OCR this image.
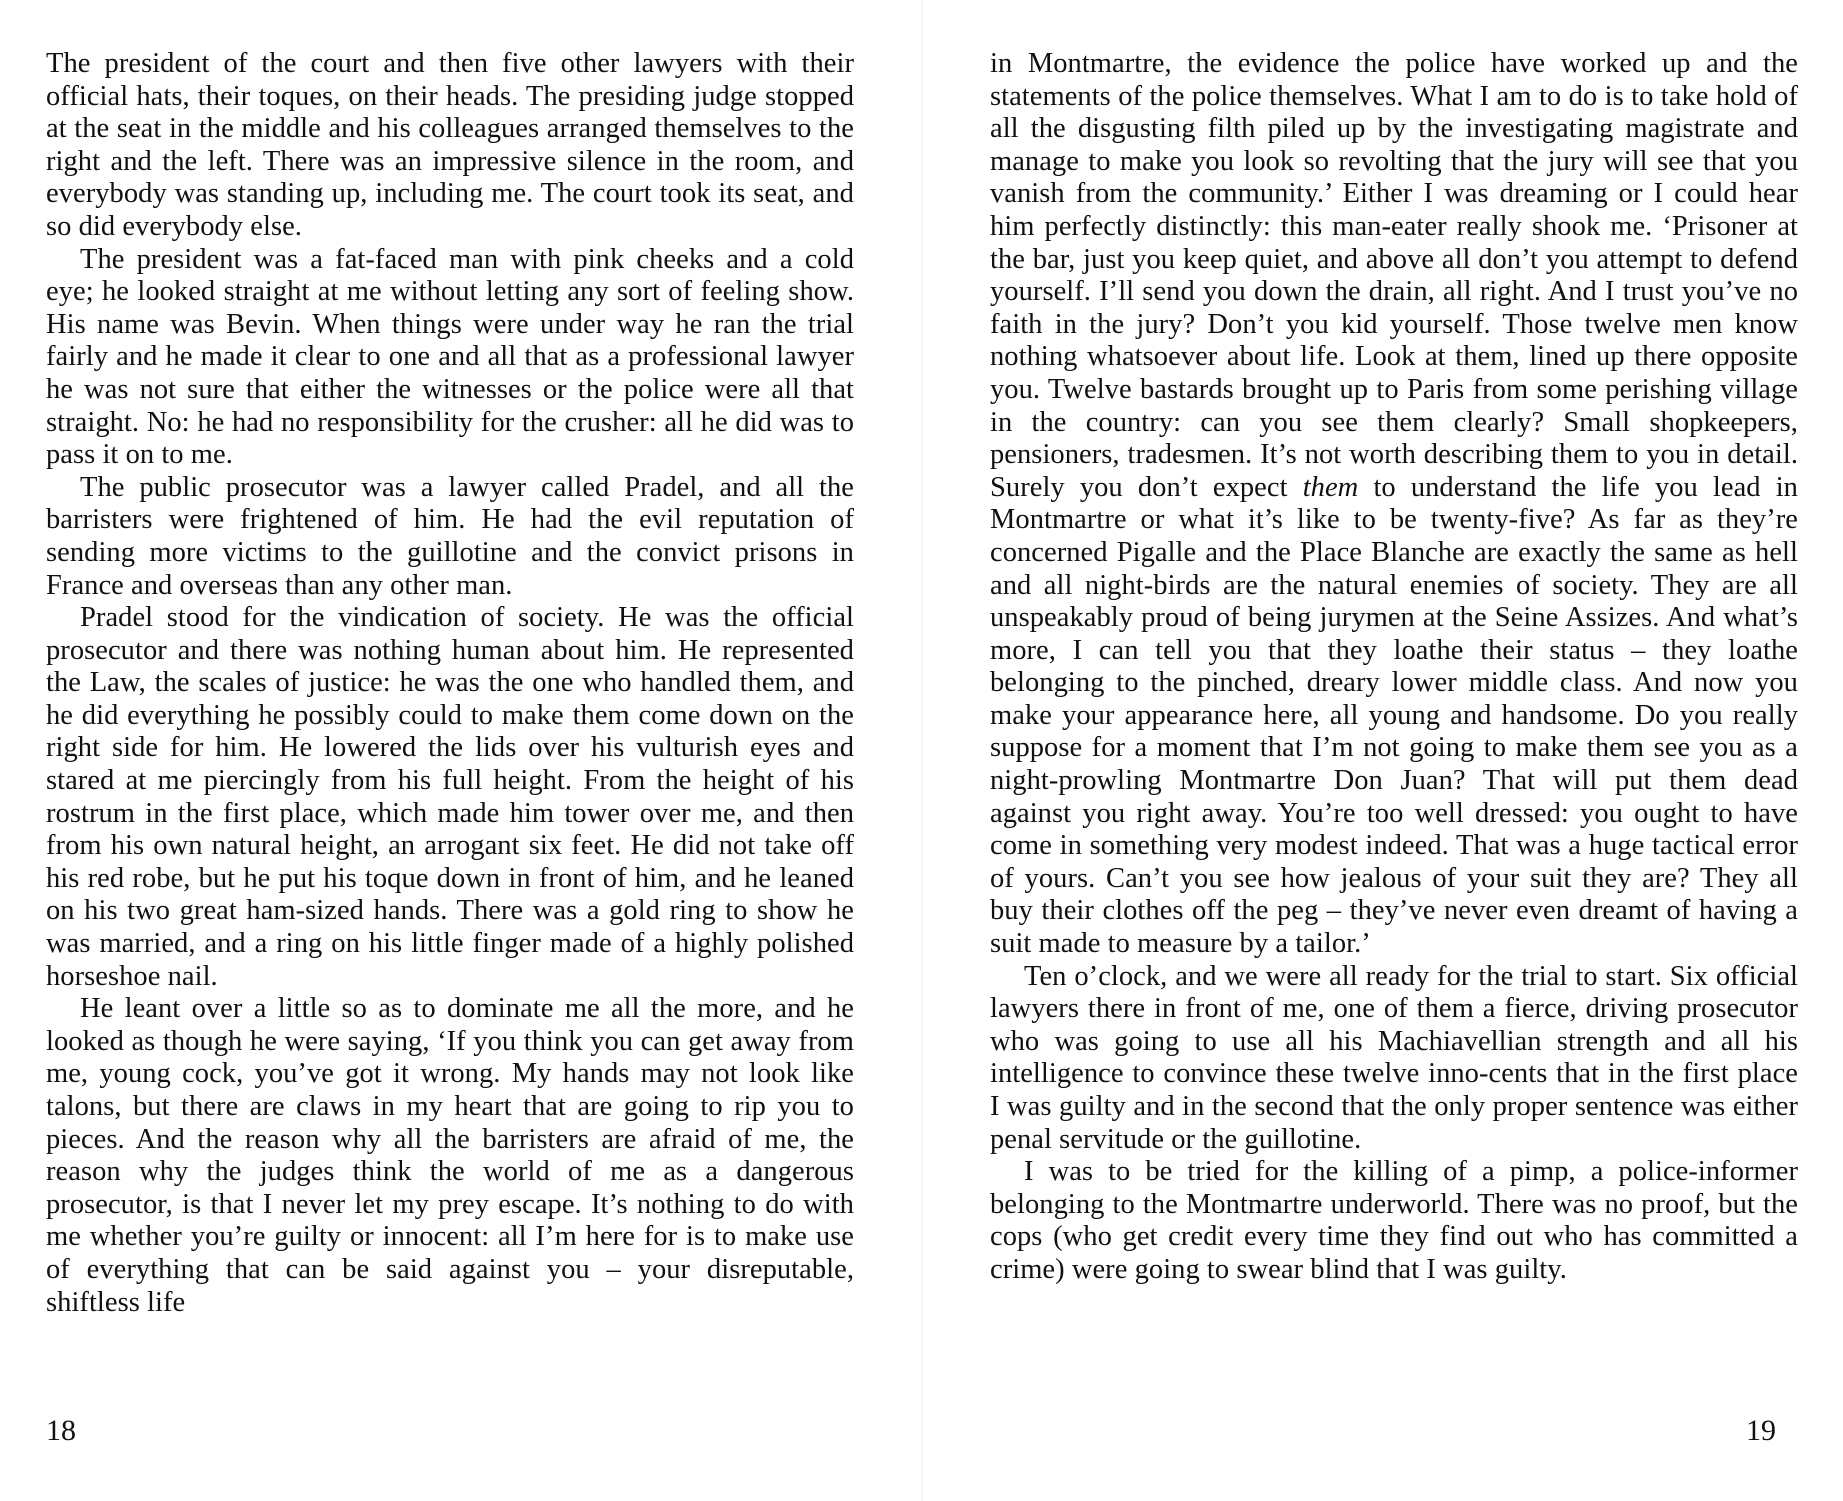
The president of the court and then five other lawyers with their official hats, their toques, on their heads. The presiding judge stopped at the seat in the middle and his colleagues arranged themselves to the right and the left. There was an impressive silence in the room, and everybody was standing up, including me. The court took its seat, and so did everybody else.

The president was a fat-faced man with pink cheeks and a cold eye; he looked straight at me without letting any sort of feeling show. His name was Bevin. When things were under way he ran the trial fairly and he made it clear to one and all that as a professional lawyer he was not sure that either the witnesses or the police were all that straight. No: he had no responsibility for the crusher: all he did was to pass it on to me.

The public prosecutor was a lawyer called Pradel, and all the barristers were frightened of him. He had the evil reputation of sending more victims to the guillotine and the convict prisons in France and overseas than any other man.

Pradel stood for the vindication of society. He was the official prosecutor and there was nothing human about him. He represented the Law, the scales of justice: he was the one who handled them, and he did everything he possibly could to make them come down on the right side for him. He lowered the lids over his vulturish eyes and stared at me piercingly from his full height. From the height of his rostrum in the first place, which made him tower over me, and then from his own natural height, an arrogant six feet. He did not take off his red robe, but he put his toque down in front of him, and he leaned on his two great ham-sized hands. There was a gold ring to show he was married, and a ring on his little finger made of a highly polished horseshoe nail.

He leant over a little so as to dominate me all the more, and he looked as though he were saying, ‘If you think you can get away from me, young cock, you’ve got it wrong. My hands may not look like talons, but there are claws in my heart that are going to rip you to pieces. And the reason why all the barristers are afraid of me, the reason why the judges think the world of me as a dangerous prosecutor, is that I never let my prey escape. It’s nothing to do with me whether you’re guilty or innocent: all I’m here for is to make use of everything that can be said against you – your disreputable, shiftless life

in Montmartre, the evidence the police have worked up and the statements of the police themselves. What I am to do is to take hold of all the disgusting filth piled up by the investigating magistrate and manage to make you look so revolting that the jury will see that you vanish from the community.’ Either I was dreaming or I could hear him perfectly distinctly: this man-eater really shook me. ‘Prisoner at the bar, just you keep quiet, and above all don’t you attempt to defend yourself. I’ll send you down the drain, all right. And I trust you’ve no faith in the jury? Don’t you kid yourself. Those twelve men know nothing whatsoever about life. Look at them, lined up there opposite you. Twelve bastards brought up to Paris from some perishing village in the country: can you see them clearly? Small shopkeepers, pensioners, tradesmen. It’s not worth describing them to you in detail. Surely you don’t expect them to understand the life you lead in Montmartre or what it’s like to be twenty-five? As far as they’re concerned Pigalle and the Place Blanche are exactly the same as hell and all night-birds are the natural enemies of society. They are all unspeakably proud of being jurymen at the Seine Assizes. And what’s more, I can tell you that they loathe their status – they loathe belonging to the pinched, dreary lower middle class. And now you make your appearance here, all young and handsome. Do you really suppose for a moment that I’m not going to make them see you as a night-prowling Montmartre Don Juan? That will put them dead against you right away. You’re too well dressed: you ought to have come in something very modest indeed. That was a huge tactical error of yours. Can’t you see how jealous of your suit they are? They all buy their clothes off the peg – they’ve never even dreamt of having a suit made to measure by a tailor.’

Ten o’clock, and we were all ready for the trial to start. Six official lawyers there in front of me, one of them a fierce, driving prosecutor who was going to use all his Machiavellian strength and all his intelligence to convince these twelve inno-cents that in the first place I was guilty and in the second that the only proper sentence was either penal servitude or the guillotine.

I was to be tried for the killing of a pimp, a police-informer belonging to the Montmartre underworld. There was no proof, but the cops (who get credit every time they find out who has committed a crime) were going to swear blind that I was guilty.

18	19
